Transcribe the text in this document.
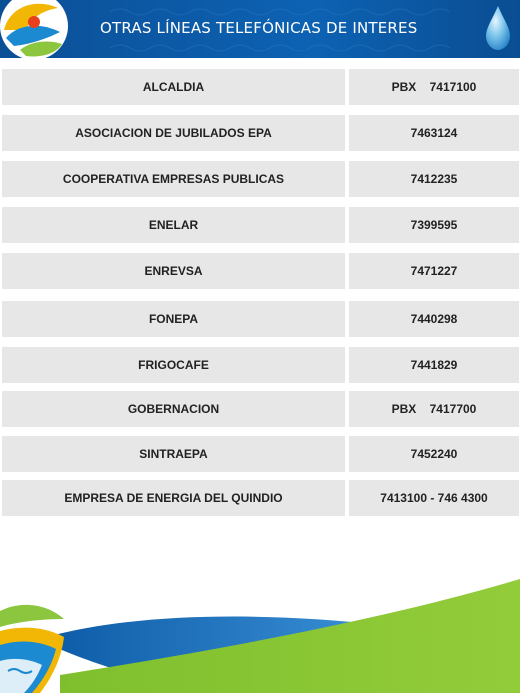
OTRAS LÍNEAS TELEFÓNICAS DE INTERES
ALCALDIA	PBX    7417100
ASOCIACION DE JUBILADOS EPA	7463124
COOPERATIVA EMPRESAS PUBLICAS	7412235
ENELAR	7399595
ENREVSA	7471227
FONEPA	7440298
FRIGOCAFE	7441829
GOBERNACION	PBX    7417700
SINTRAEPA	7452240
EMPRESA DE ENERGIA DEL QUINDIO	7413100 - 746 4300
